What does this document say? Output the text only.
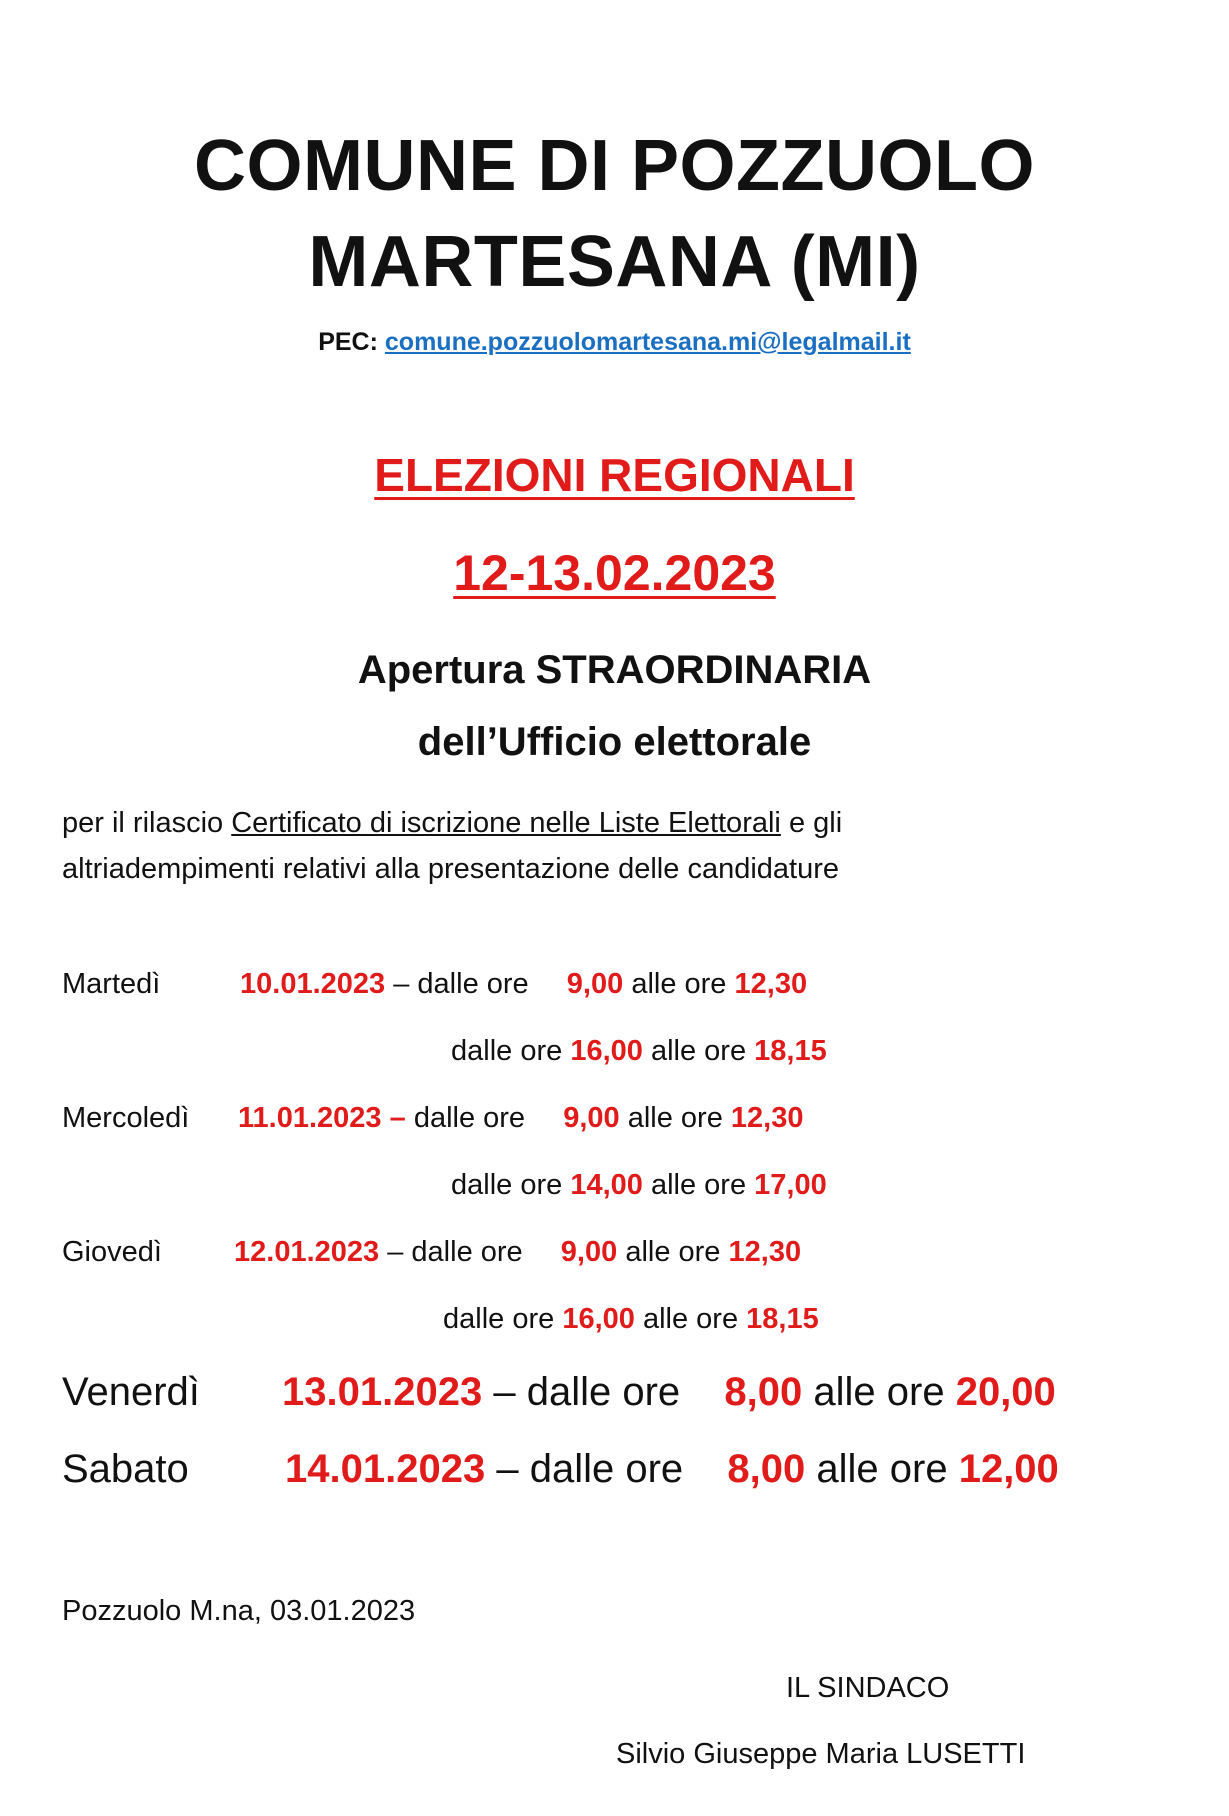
COMUNE DI POZZUOLO
MARTESANA (MI)
PEC: comune.pozzuolomartesana.mi@legalmail.it
ELEZIONI REGIONALI
12-13.02.2023
Apertura STRAORDINARIA
dell’Ufficio elettorale
per il rilascio Certificato di iscrizione nelle Liste Elettorali e gli
altriadempimenti relativi alla presentazione delle candidature
Martedì	10.01.2023 – dalle ore 9,00 alle ore 12,30
dalle ore 16,00 alle ore 18,15
Mercoledì 11.01.2023 – dalle ore 9,00 alle ore 12,30
dalle ore 14,00 alle ore 17,00
Giovedì 12.01.2023 – dalle ore 9,00 alle ore 12,30
dalle ore 16,00 alle ore 18,15
Venerdì 13.01.2023 – dalle ore 8,00 alle ore 20,00
Sabato 14.01.2023 – dalle ore 8,00 alle ore 12,00
Pozzuolo M.na, 03.01.2023
IL SINDACO
Silvio Giuseppe Maria LUSETTI
